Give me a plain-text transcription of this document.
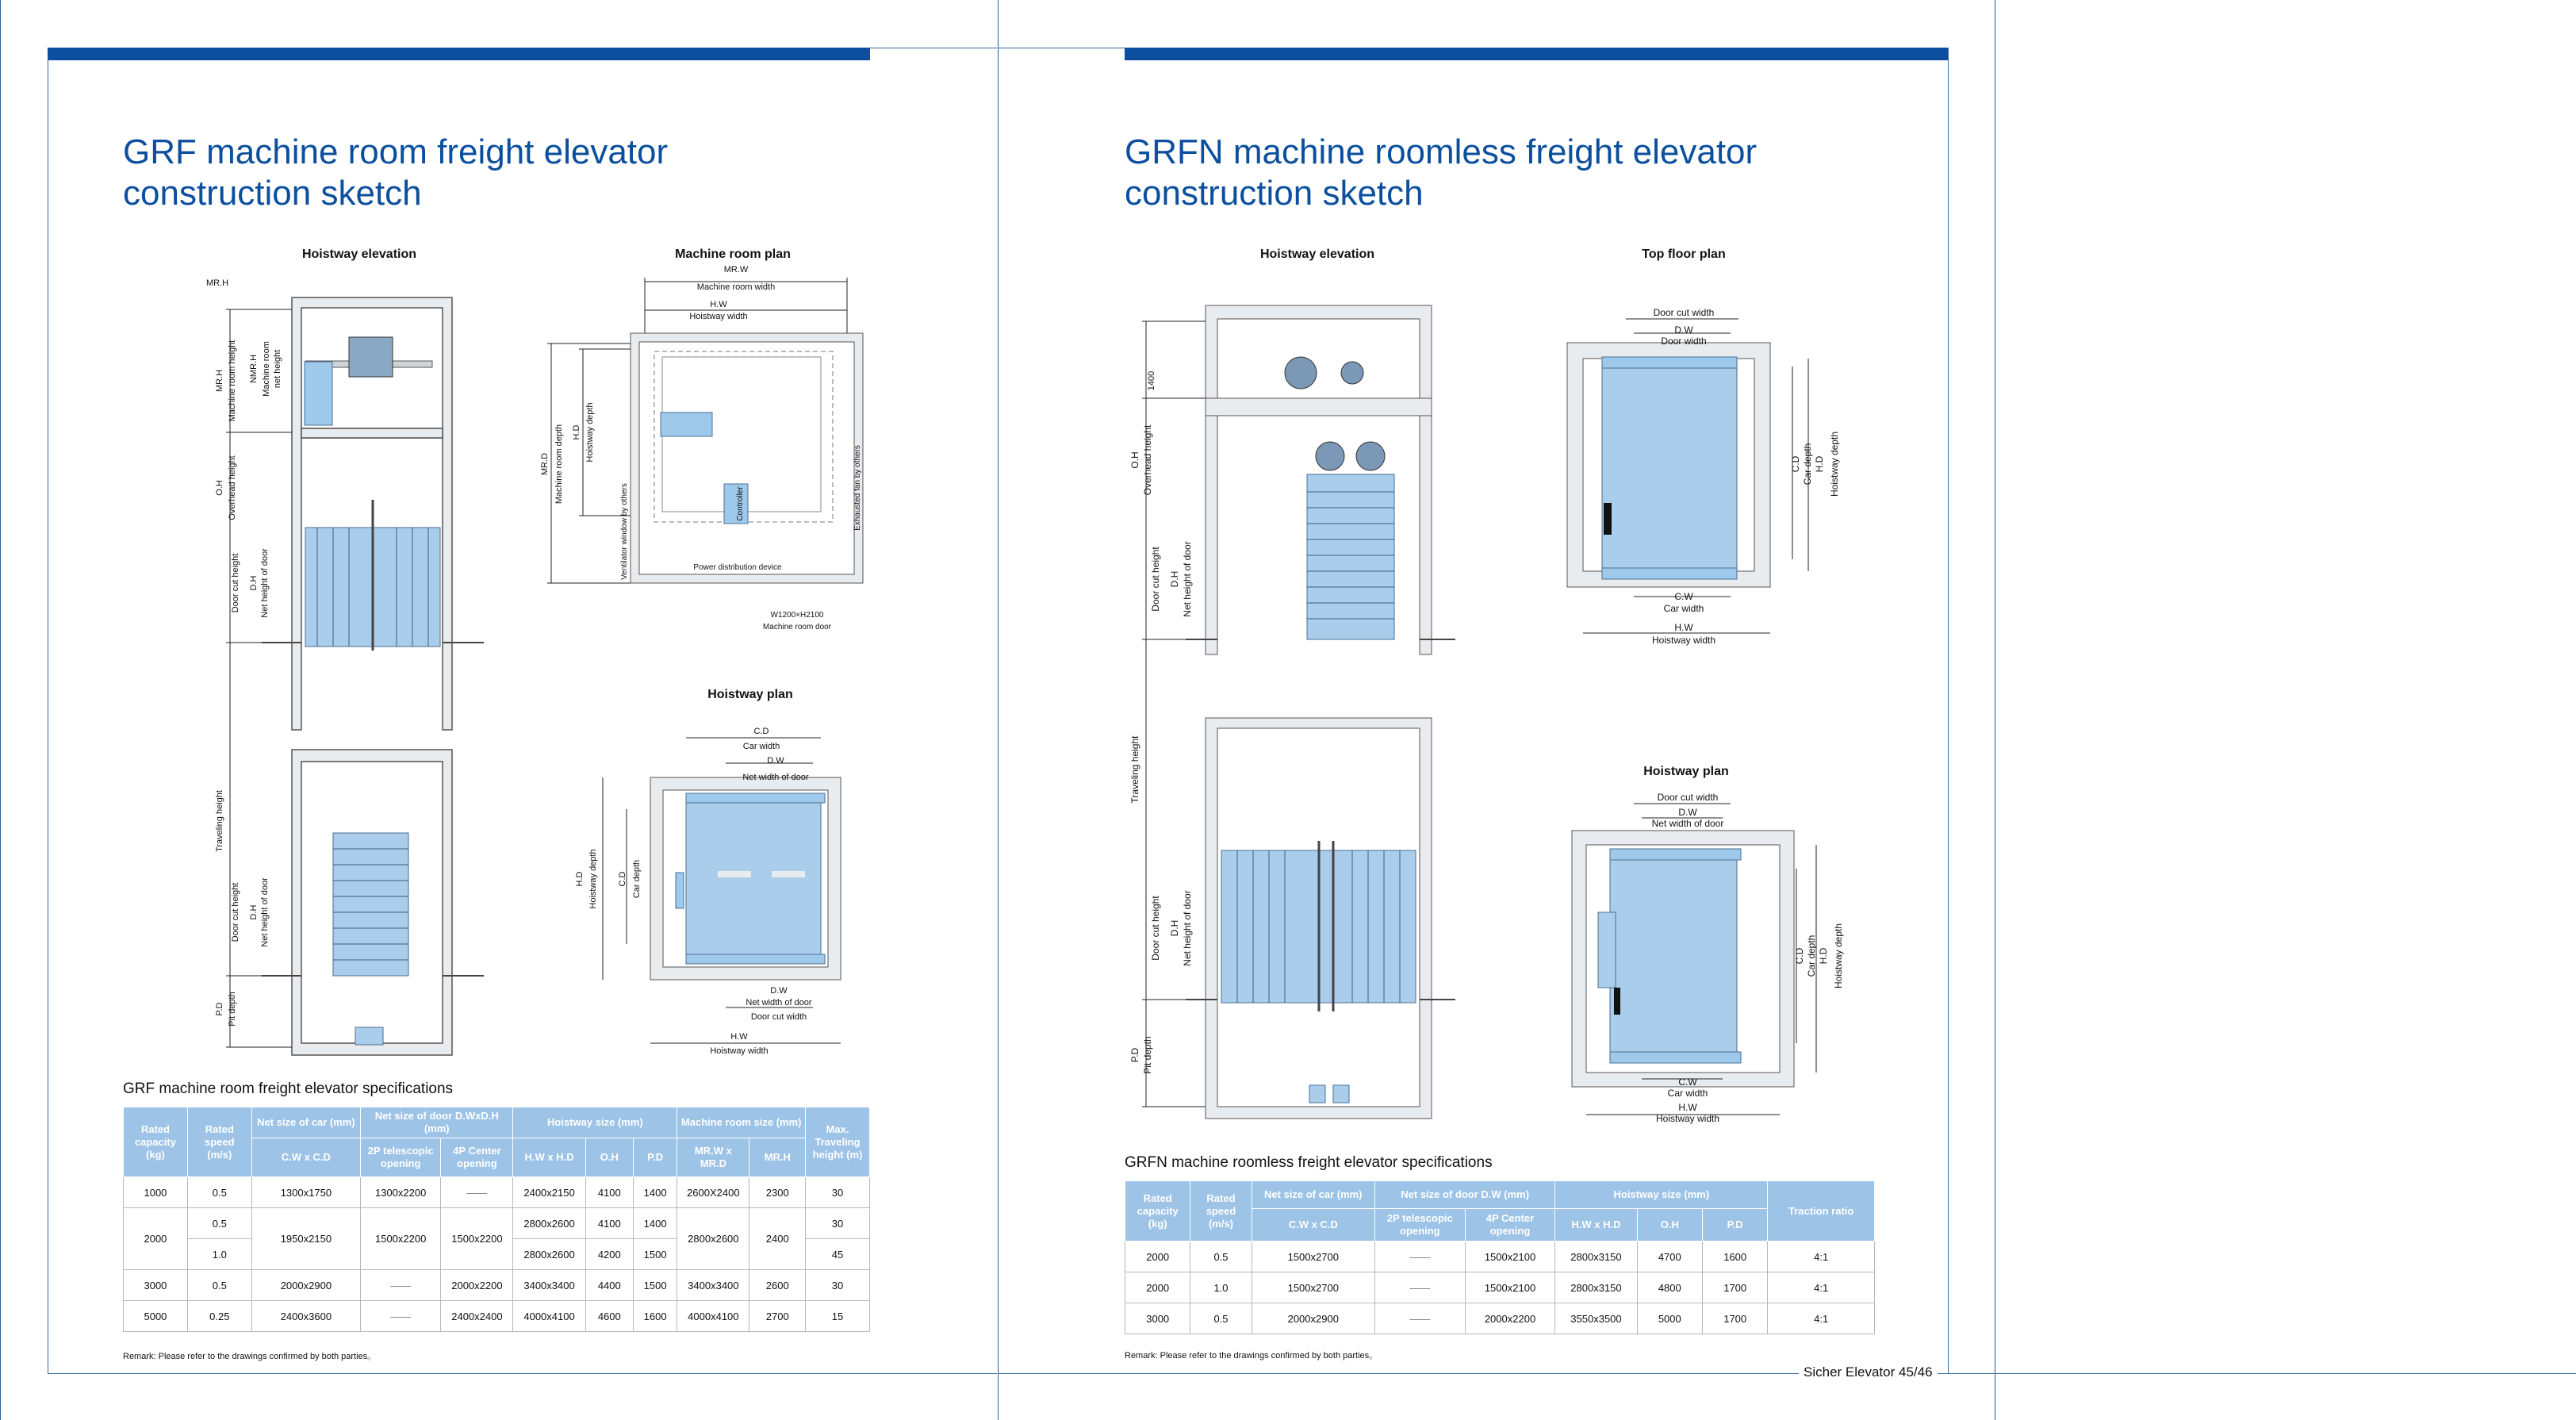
GRF machine room freight elevator
construction sketch
Hoistway elevation	Machine room plan
Hoistway plan
MR.H
MR.H Machine room height NMR.H Machine room net height
O.H Overhead height
Door cut height D.H Net height of door
Traveling height
Door cut height D.H Net height of door
P.D Pit depth
MR.W
Machine room width
H.W
Hoistway width
MR.D Machine room depth H.D Hoistway depth
Controller
Ventilator window by others	Exhausted fan by others
Power distribution device
W1200×H2100
Machine room door
C.D
Car width
D.W
Net width of door
H.D Hoistway depth C.D Car depth
D.W
Net width of door
Door cut width
H.W
Hoistway width
GRF machine room freight elevator specifications
Rated capacity (kg)	Rated speed (m/s)	Net size of car (mm)	Net size of door D.WxD.H (mm)		Hoistway size (mm)			Machine room size (mm)		Max. Traveling height (m)
		C.W x C.D	2P telescopic opening	4P Center opening	H.W x H.D	O.H	P.D	MR.W x MR.D	MR.H	
1000	0.5	1300x1750	1300x2200	——	2400x2150	4100	1400	2600X2400	2300	30
2000	0.5	1950x2150	1500x2200	1500x2200	2800x2600	4100	1400	2800x2600	2400	30
	1.0				2800x2600	4200	1500			45
3000	0.5	2000x2900	——	2000x2200	3400x3400	4400	1500	3400x3400	2600	30
5000	0.25	2400x3600	——	2400x2400	4000x4100	4600	1600	4000x4100	2700	15
Remark: Please refer to the drawings confirmed by both parties。
GRFN machine roomless freight elevator
construction sketch
Hoistway elevation	Top floor plan
Hoistway plan
1400
O.H Overhead height
Door cut height D.H Net height of door
Traveling height
Door cut height D.H Net height of door
P.D Pit depth
Door cut width
D.W
Door width
C.D Car depth H.D Hoistway depth
C.W
Car width
H.W
Hoistway width
Door cut width
D.W
Net width of door
C.D Car depth H.D Hoistway depth
C.W
Car width
H.W
Hoistway width
GRFN machine roomless freight elevator specifications
Rated capacity (kg)	Rated speed (m/s)	Net size of car (mm)	Net size of door D.W (mm)		Hoistway size (mm)			Traction ratio
		C.W x C.D	2P telescopic opening	4P Center opening	H.W x H.D	O.H	P.D	
2000	0.5	1500x2700	——	1500x2100	2800x3150	4700	1600	4:1
2000	1.0	1500x2700	——	1500x2100	2800x3150	4800	1700	4:1
3000	0.5	2000x2900	——	2000x2200	3550x3500	5000	1700	4:1
Remark: Please refer to the drawings confirmed by both parties。
Sicher Elevator 45/46
